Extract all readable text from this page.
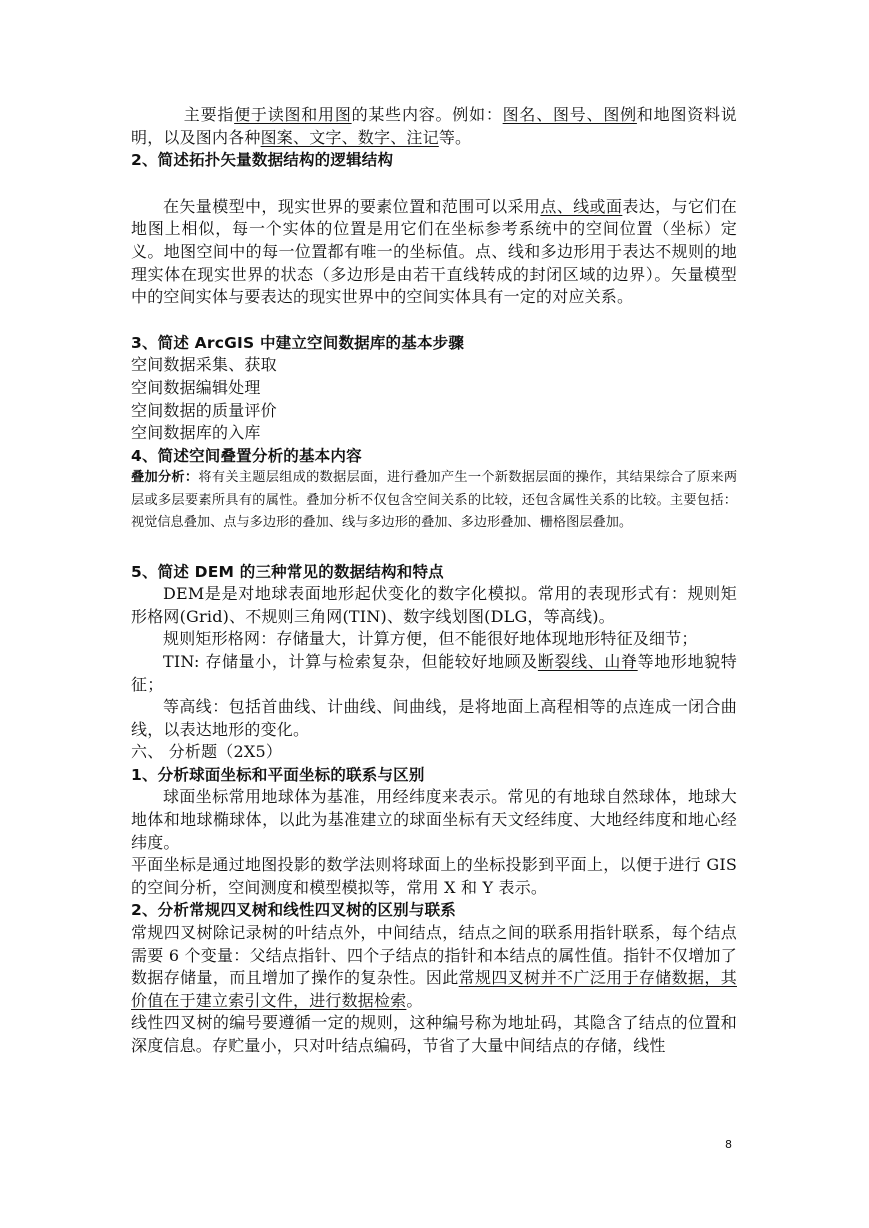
主要指便于读图和用图的某些内容。例如：图名、图号、图例和地图资料说明，以及图内各种图案、文字、数字、注记等。

2、简述拓扑矢量数据结构的逻辑结构

在矢量模型中，现实世界的要素位置和范围可以采用点、线或面表达，与它们在地图上相似，每一个实体的位置是用它们在坐标参考系统中的空间位置（坐标）定义。地图空间中的每一位置都有唯一的坐标值。点、线和多边形用于表达不规则的地理实体在现实世界的状态（多边形是由若干直线转成的封闭区域的边界）。矢量模型中的空间实体与要表达的现实世界中的空间实体具有一定的对应关系。

3、简述 ArcGIS 中建立空间数据库的基本步骤

空间数据采集、获取

空间数据编辑处理

空间数据的质量评价

空间数据库的入库

4、简述空间叠置分析的基本内容

叠加分析：将有关主题层组成的数据层面，进行叠加产生一个新数据层面的操作，其结果综合了原来两层或多层要素所具有的属性。叠加分析不仅包含空间关系的比较，还包含属性关系的比较。主要包括：视觉信息叠加、点与多边形的叠加、线与多边形的叠加、多边形叠加、栅格图层叠加。

5、简述 DEM 的三种常见的数据结构和特点

DEM是是对地球表面地形起伏变化的数字化模拟。常用的表现形式有：规则矩形格网(Grid)、不规则三角网(TIN)、数字线划图(DLG，等高线)。

规则矩形格网：存储量大，计算方便，但不能很好地体现地形特征及细节；

TIN: 存储量小，计算与检索复杂，但能较好地顾及断裂线、山脊等地形地貌特征；

等高线：包括首曲线、计曲线、间曲线，是将地面上高程相等的点连成一闭合曲线，以表达地形的变化。

六、 分析题（2X5）

1、分析球面坐标和平面坐标的联系与区别

球面坐标常用地球体为基准，用经纬度来表示。常见的有地球自然球体，地球大地体和地球椭球体，以此为基准建立的球面坐标有天文经纬度、大地经纬度和地心经纬度。

平面坐标是通过地图投影的数学法则将球面上的坐标投影到平面上，以便于进行 GIS 的空间分析，空间测度和模型模拟等，常用 X 和 Y 表示。

2、分析常规四叉树和线性四叉树的区别与联系

常规四叉树除记录树的叶结点外，中间结点，结点之间的联系用指针联系，每个结点需要 6 个变量：父结点指针、四个子结点的指针和本结点的属性值。指针不仅增加了数据存储量，而且增加了操作的复杂性。因此常规四叉树并不广泛用于存储数据，其价值在于建立索引文件，进行数据检索。

线性四叉树的编号要遵循一定的规则，这种编号称为地址码，其隐含了结点的位置和深度信息。存贮量小，只对叶结点编码，节省了大量中间结点的存储，线性

8
